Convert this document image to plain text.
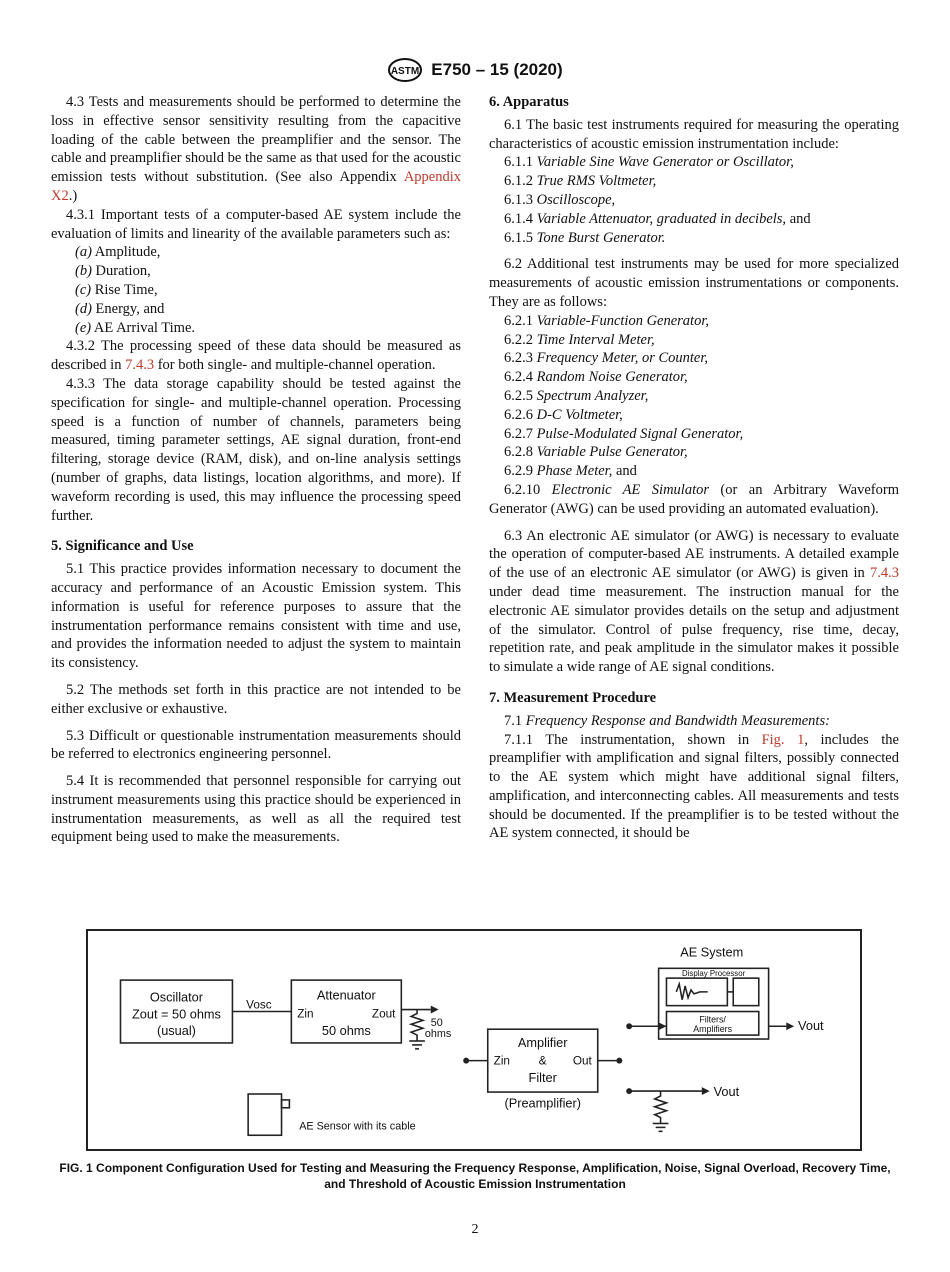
ASTM E750 – 15 (2020)

4.3 Tests and measurements should be performed to determine the loss in effective sensor sensitivity resulting from the capacitive loading of the cable between the preamplifier and the sensor. The cable and preamplifier should be the same as that used for the acoustic emission tests without substitution. (See also Appendix Appendix X2.)

4.3.1 Important tests of a computer-based AE system include the evaluation of limits and linearity of the available parameters such as:

(a) Amplitude,

(b) Duration,

(c) Rise Time,

(d) Energy, and

(e) AE Arrival Time.

4.3.2 The processing speed of these data should be measured as described in 7.4.3 for both single- and multiple-channel operation.

4.3.3 The data storage capability should be tested against the specification for single- and multiple-channel operation. Processing speed is a function of number of channels, parameters being measured, timing parameter settings, AE signal duration, front-end filtering, storage device (RAM, disk), and on-line analysis settings (number of graphs, data listings, location algorithms, and more). If waveform recording is used, this may influence the processing speed further.

5. Significance and Use

5.1 This practice provides information necessary to document the accuracy and performance of an Acoustic Emission system. This information is useful for reference purposes to assure that the instrumentation performance remains consistent with time and use, and provides the information needed to adjust the system to maintain its consistency.

5.2 The methods set forth in this practice are not intended to be either exclusive or exhaustive.

5.3 Difficult or questionable instrumentation measurements should be referred to electronics engineering personnel.

5.4 It is recommended that personnel responsible for carrying out instrument measurements using this practice should be experienced in instrumentation measurements, as well as all the required test equipment being used to make the measurements.

6. Apparatus

6.1 The basic test instruments required for measuring the operating characteristics of acoustic emission instrumentation include:

6.1.1 Variable Sine Wave Generator or Oscillator,

6.1.2 True RMS Voltmeter,

6.1.3 Oscilloscope,

6.1.4 Variable Attenuator, graduated in decibels, and

6.1.5 Tone Burst Generator.

6.2 Additional test instruments may be used for more specialized measurements of acoustic emission instrumentations or components. They are as follows:

6.2.1 Variable-Function Generator,

6.2.2 Time Interval Meter,

6.2.3 Frequency Meter, or Counter,

6.2.4 Random Noise Generator,

6.2.5 Spectrum Analyzer,

6.2.6 D-C Voltmeter,

6.2.7 Pulse-Modulated Signal Generator,

6.2.8 Variable Pulse Generator,

6.2.9 Phase Meter, and

6.2.10 Electronic AE Simulator (or an Arbitrary Waveform Generator (AWG) can be used providing an automated evaluation).

6.3 An electronic AE simulator (or AWG) is necessary to evaluate the operation of computer-based AE instruments. A detailed example of the use of an electronic AE simulator (or AWG) is given in 7.4.3 under dead time measurement. The instruction manual for the electronic AE simulator provides details on the setup and adjustment of the simulator. Control of pulse frequency, rise time, decay, repetition rate, and peak amplitude in the simulator makes it possible to simulate a wide range of AE signal conditions.

7. Measurement Procedure

7.1 Frequency Response and Bandwidth Measurements:

7.1.1 The instrumentation, shown in Fig. 1, includes the preamplifier with amplification and signal filters, possibly connected to the AE system which might have additional signal filters, amplification, and interconnecting cables. All measurements and tests should be documented. If the preamplifier is to be tested without the AE system connected, it should be

Oscillator
Zout = 50 ohms
(usual)
Vosc
Attenuator
Zin	Zout
50 ohms	50
ohms
Amplifier
Zin & Out
Filter
(Preamplifier)
AE System
Display Processor
Filters/
Amplifiers	Vout
Vout
AE Sensor with its cable
FIG. 1 Component Configuration Used for Testing and Measuring the Frequency Response, Amplification, Noise, Signal Overload, Recovery Time, and Threshold of Acoustic Emission Instrumentation
2
